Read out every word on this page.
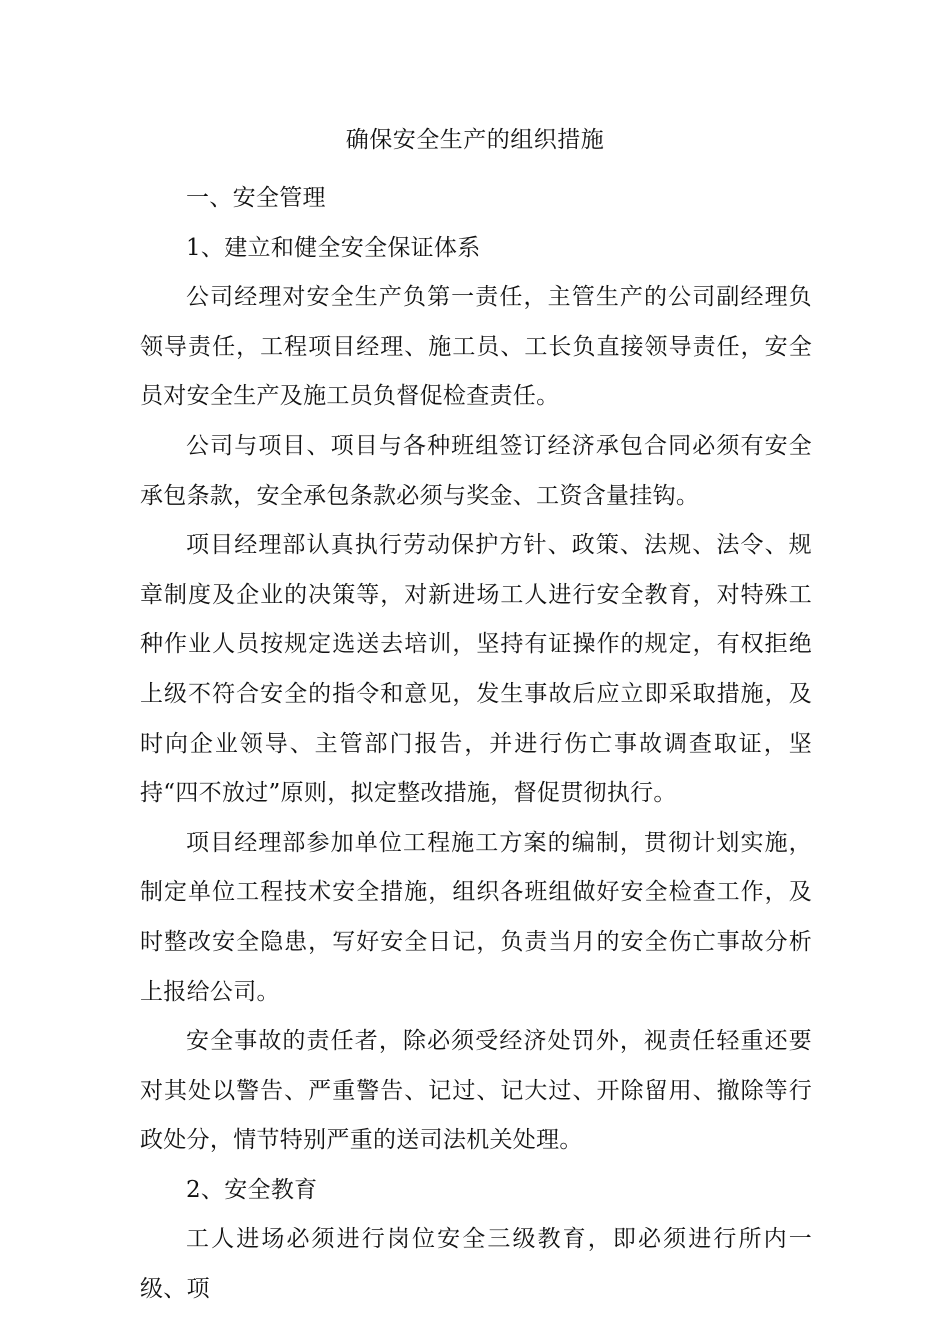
确保安全生产的组织措施

一、安全管理

1、建立和健全安全保证体系

公司经理对安全生产负第一责任，主管生产的公司副经理负领导责任，工程项目经理、施工员、工长负直接领导责任，安全员对安全生产及施工员负督促检查责任。

公司与项目、项目与各种班组签订经济承包合同必须有安全承包条款，安全承包条款必须与奖金、工资含量挂钩。

项目经理部认真执行劳动保护方针、政策、法规、法令、规章制度及企业的决策等，对新进场工人进行安全教育，对特殊工种作业人员按规定选送去培训，坚持有证操作的规定，有权拒绝上级不符合安全的指令和意见，发生事故后应立即采取措施，及时向企业领导、主管部门报告，并进行伤亡事故调查取证，坚持“四不放过”原则，拟定整改措施，督促贯彻执行。

项目经理部参加单位工程施工方案的编制，贯彻计划实施，制定单位工程技术安全措施，组织各班组做好安全检查工作，及时整改安全隐患，写好安全日记，负责当月的安全伤亡事故分析上报给公司。

安全事故的责任者，除必须受经济处罚外，视责任轻重还要对其处以警告、严重警告、记过、记大过、开除留用、撤除等行政处分，情节特别严重的送司法机关处理。

2、安全教育

工人进场必须进行岗位安全三级教育，即必须进行所内一级、项
